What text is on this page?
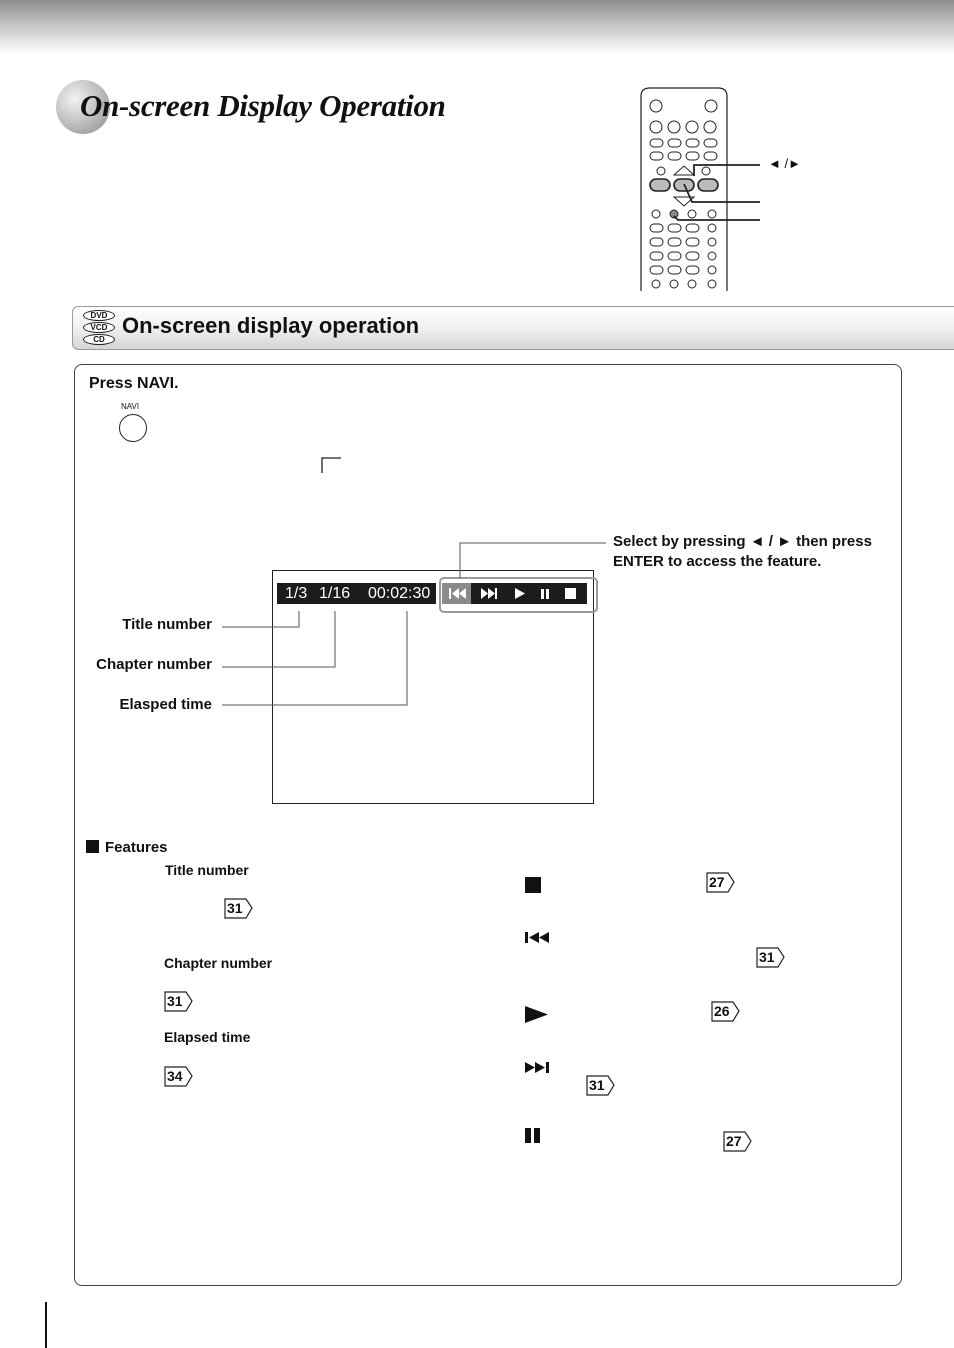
On-screen Display Operation
◄ /►
DVD
VCD
CD
On-screen display operation
Press NAVI.
NAVI
1/3 1/16 00:02:30
Title number
Chapter number
Elasped time
Select by pressing ◄ / ► then press
ENTER to access the feature.
Features
Title number
31
Chapter number
31
Elapsed time
34
27
31
26
31
27
